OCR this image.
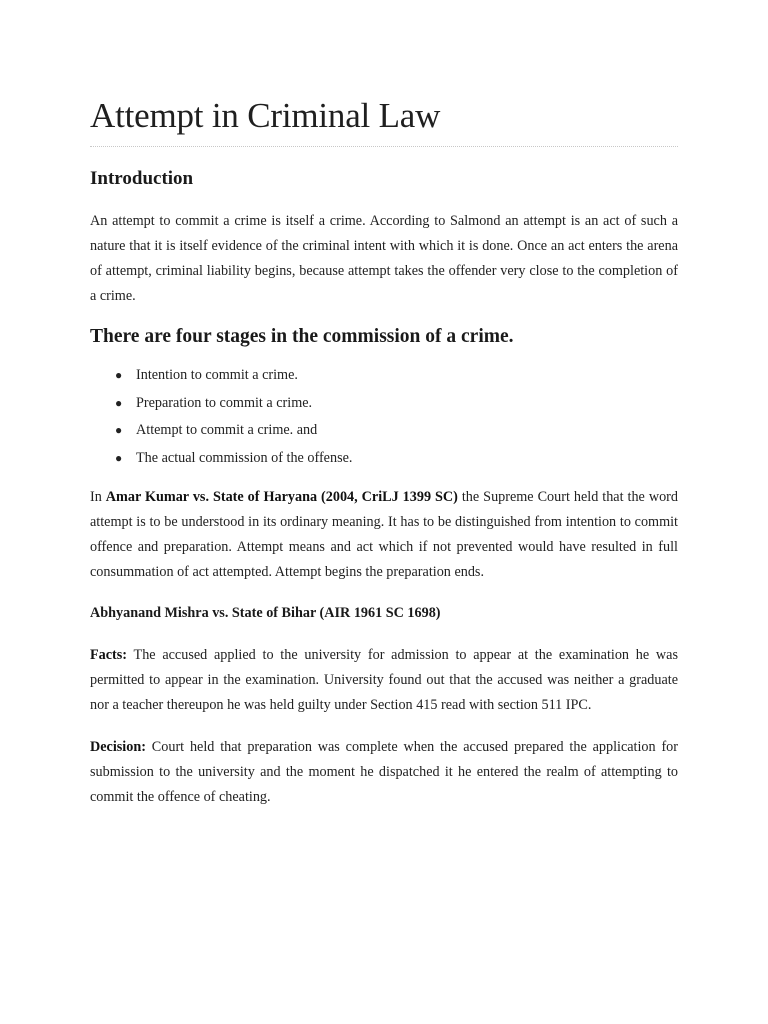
Attempt in Criminal Law
Introduction

An attempt to commit a crime is itself a crime. According to Salmond an attempt is an act of such a nature that it is itself evidence of the criminal intent with which it is done. Once an act enters the arena of attempt, criminal liability begins, because attempt takes the offender very close to the completion of a crime.

There are four stages in the commission of a crime.
● Intention to commit a crime.
● Preparation to commit a crime.
● Attempt to commit a crime. and
● The actual commission of the offense.

In Amar Kumar vs. State of Haryana (2004, CriLJ 1399 SC) the Supreme Court held that the word attempt is to be understood in its ordinary meaning. It has to be distinguished from intention to commit offence and preparation. Attempt means and act which if not prevented would have resulted in full consummation of act attempted. Attempt begins the preparation ends.

Abhyanand Mishra vs. State of Bihar (AIR 1961 SC 1698)

Facts: The accused applied to the university for admission to appear at the examination he was permitted to appear in the examination. University found out that the accused was neither a graduate nor a teacher thereupon he was held guilty under Section 415 read with section 511 IPC.

Decision: Court held that preparation was complete when the accused prepared the application for submission to the university and the moment he dispatched it he entered the realm of attempting to commit the offence of cheating.
